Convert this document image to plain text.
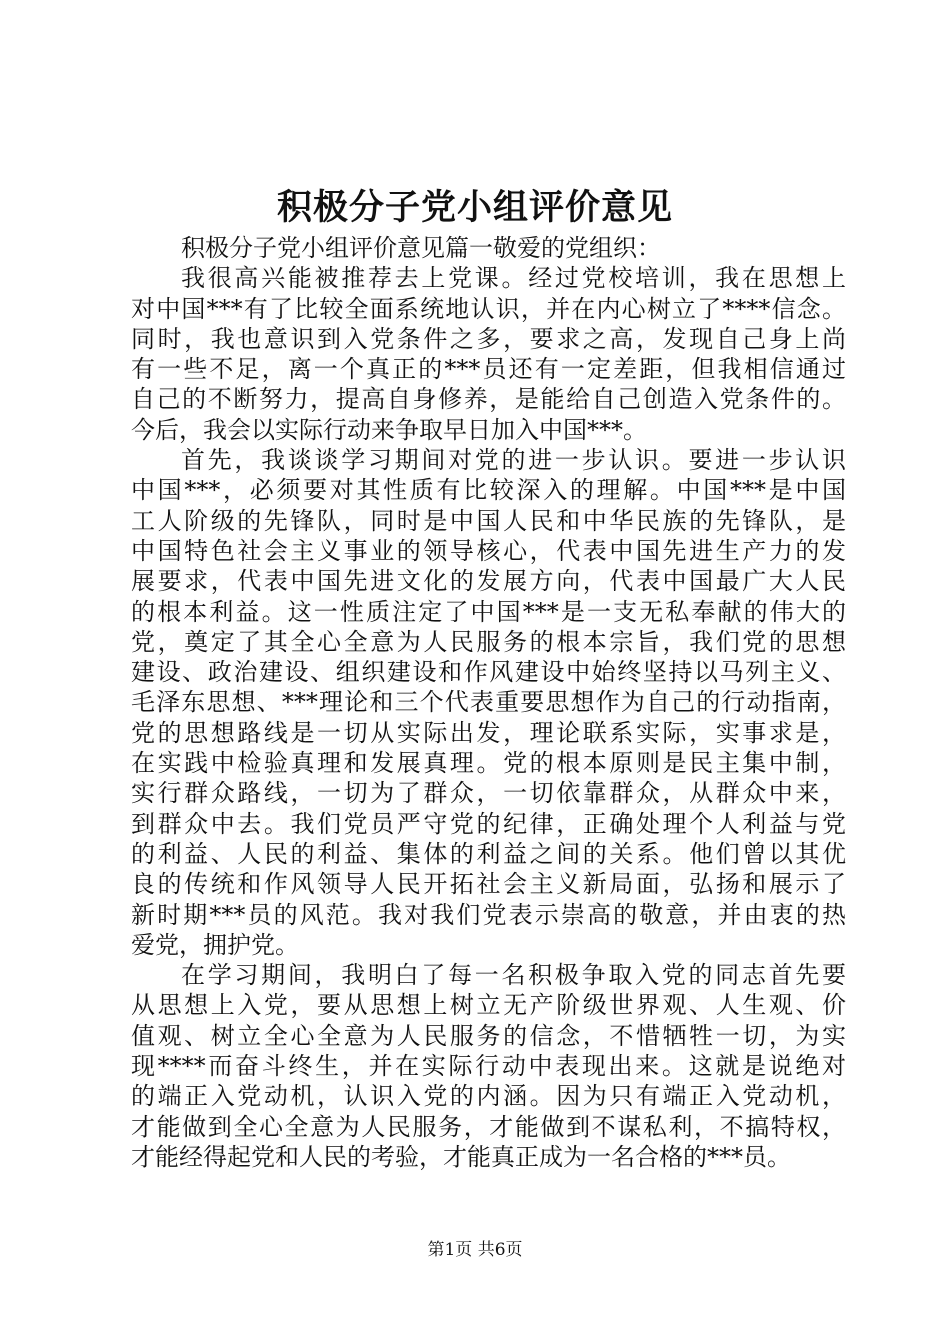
积极分子党小组评价意见
积极分子党小组评价意见篇一敬爱的党组织：
我很高兴能被推荐去上党课。经过党校培训，我在思想上
对中国***有了比较全面系统地认识，并在内心树立了****信念。
同时，我也意识到入党条件之多，要求之高，发现自己身上尚
有一些不足，离一个真正的***员还有一定差距，但我相信通过
自己的不断努力，提高自身修养，是能给自己创造入党条件的。
今后，我会以实际行动来争取早日加入中国***。
首先，我谈谈学习期间对党的进一步认识。要进一步认识
中国***，必须要对其性质有比较深入的理解。中国***是中国
工人阶级的先锋队，同时是中国人民和中华民族的先锋队，是
中国特色社会主义事业的领导核心，代表中国先进生产力的发
展要求，代表中国先进文化的发展方向，代表中国最广大人民
的根本利益。这一性质注定了中国***是一支无私奉献的伟大的
党，奠定了其全心全意为人民服务的根本宗旨，我们党的思想
建设、政治建设、组织建设和作风建设中始终坚持以马列主义、
毛泽东思想、***理论和三个代表重要思想作为自己的行动指南，
党的思想路线是一切从实际出发，理论联系实际，实事求是，
在实践中检验真理和发展真理。党的根本原则是民主集中制，
实行群众路线，一切为了群众，一切依靠群众，从群众中来，
到群众中去。我们党员严守党的纪律，正确处理个人利益与党
的利益、人民的利益、集体的利益之间的关系。他们曾以其优
良的传统和作风领导人民开拓社会主义新局面，弘扬和展示了
新时期***员的风范。我对我们党表示崇高的敬意，并由衷的热
爱党，拥护党。
在学习期间，我明白了每一名积极争取入党的同志首先要
从思想上入党，要从思想上树立无产阶级世界观、人生观、价
值观、树立全心全意为人民服务的信念，不惜牺牲一切，为实
现****而奋斗终生，并在实际行动中表现出来。这就是说绝对
的端正入党动机，认识入党的内涵。因为只有端正入党动机，
才能做到全心全意为人民服务，才能做到不谋私利，不搞特权，
才能经得起党和人民的考验，才能真正成为一名合格的***员。
第1页 共6页
